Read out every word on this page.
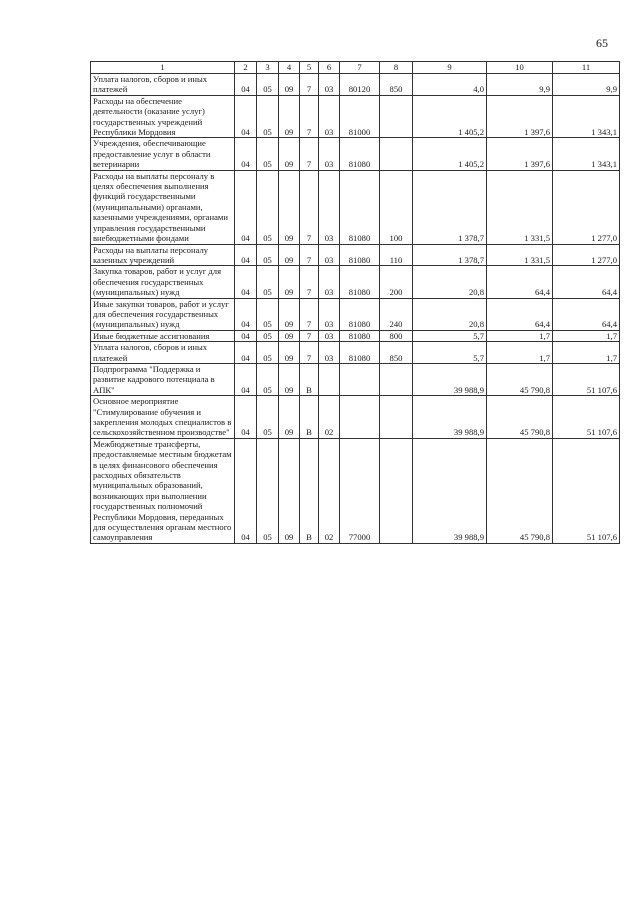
65
1	2	3	4	5	6	7	8	9	10	11
Уплата налогов, сборов и иных платежей	04	05	09	7	03	80120	850	4,0	9,9	9,9
Расходы на обеспечение деятельности (оказание услуг) государственных учреждений Республики Мордовия	04	05	09	7	03	81000		1 405,2	1 397,6	1 343,1
Учреждения, обеспечивающие предоставление услуг в области ветеринарии	04	05	09	7	03	81080		1 405,2	1 397,6	1 343,1
Расходы на выплаты персоналу в целях обеспечения выполнения функций государственными (муниципальными) органами, казенными учреждениями, органами управления государственными внебюджетными фондами	04	05	09	7	03	81080	100	1 378,7	1 331,5	1 277,0
Расходы на выплаты персоналу казенных учреждений	04	05	09	7	03	81080	110	1 378,7	1 331,5	1 277,0
Закупка товаров, работ и услуг для обеспечения государственных (муниципальных) нужд	04	05	09	7	03	81080	200	20,8	64,4	64,4
Иные закупки товаров, работ и услуг для обеспечения государственных (муниципальных) нужд	04	05	09	7	03	81080	240	20,8	64,4	64,4
Иные бюджетные ассигнования	04	05	09	7	03	81080	800	5,7	1,7	1,7
Уплата налогов, сборов и иных платежей	04	05	09	7	03	81080	850	5,7	1,7	1,7
Подпрограмма "Поддержка и развитие кадрового потенциала в АПК"	04	05	09	В				39 988,9	45 790,8	51 107,6
Основное мероприятие "Стимулирование обучения и закрепления молодых специалистов в сельскохозяйственном производстве"	04	05	09	В	02			39 988,9	45 790,8	51 107,6
Межбюджетные трансферты, предоставляемые местным бюджетам в целях финансового обеспечения расходных обязательств муниципальных образований, возникающих при выполнении государственных полномочий Республики Мордовия, переданных для осуществления органам местного самоуправления	04	05	09	В	02	77000		39 988,9	45 790,8	51 107,6
